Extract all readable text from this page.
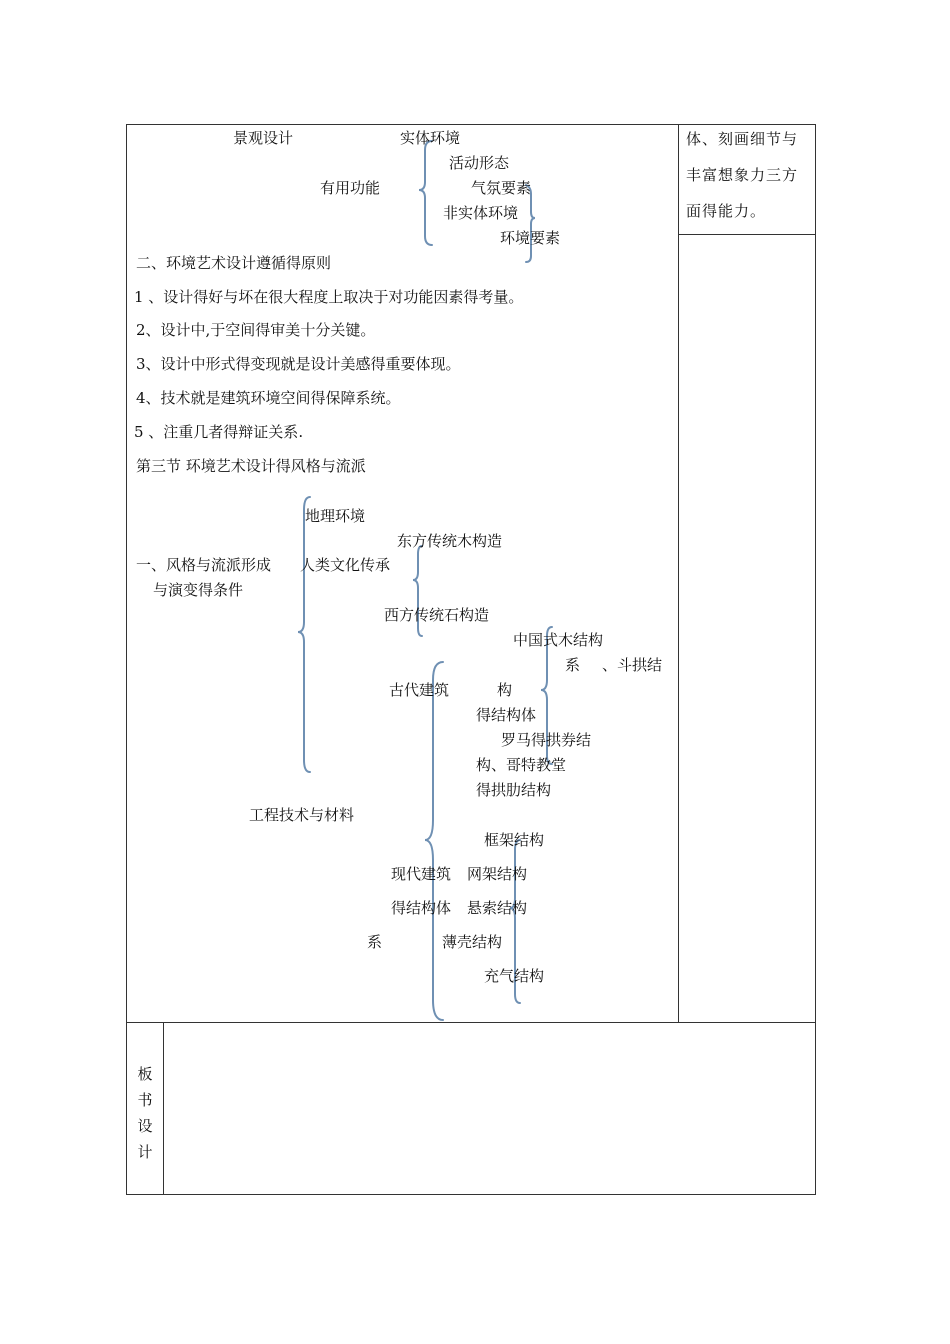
体、刻画细节与丰富想象力三方面得能力。
板
书
设
计
景观设计	实体环境
活动形态
有用功能	气氛要素
非实体环境
环境要素
二、环境艺术设计遵循得原则
1 、设计得好与坏在很大程度上取决于对功能因素得考量。
2、设计中,于空间得审美十分关键。
3、设计中形式得变现就是设计美感得重要体现。
4、技术就是建筑环境空间得保障系统。
5 、注重几者得辩证关系.
第三节 环境艺术设计得风格与流派
地理环境
东方传统木构造
一、风格与流派形成 人类文化传承
与演变得条件
西方传统石构造
中国式木结构
系 、斗拱结
古代建筑	构
得结构体
罗马得拱券结
构、哥特教堂
得拱肋结构
工程技术与材料
框架结构
现代建筑 网架结构
得结构体 悬索结构
系	薄壳结构
充气结构
